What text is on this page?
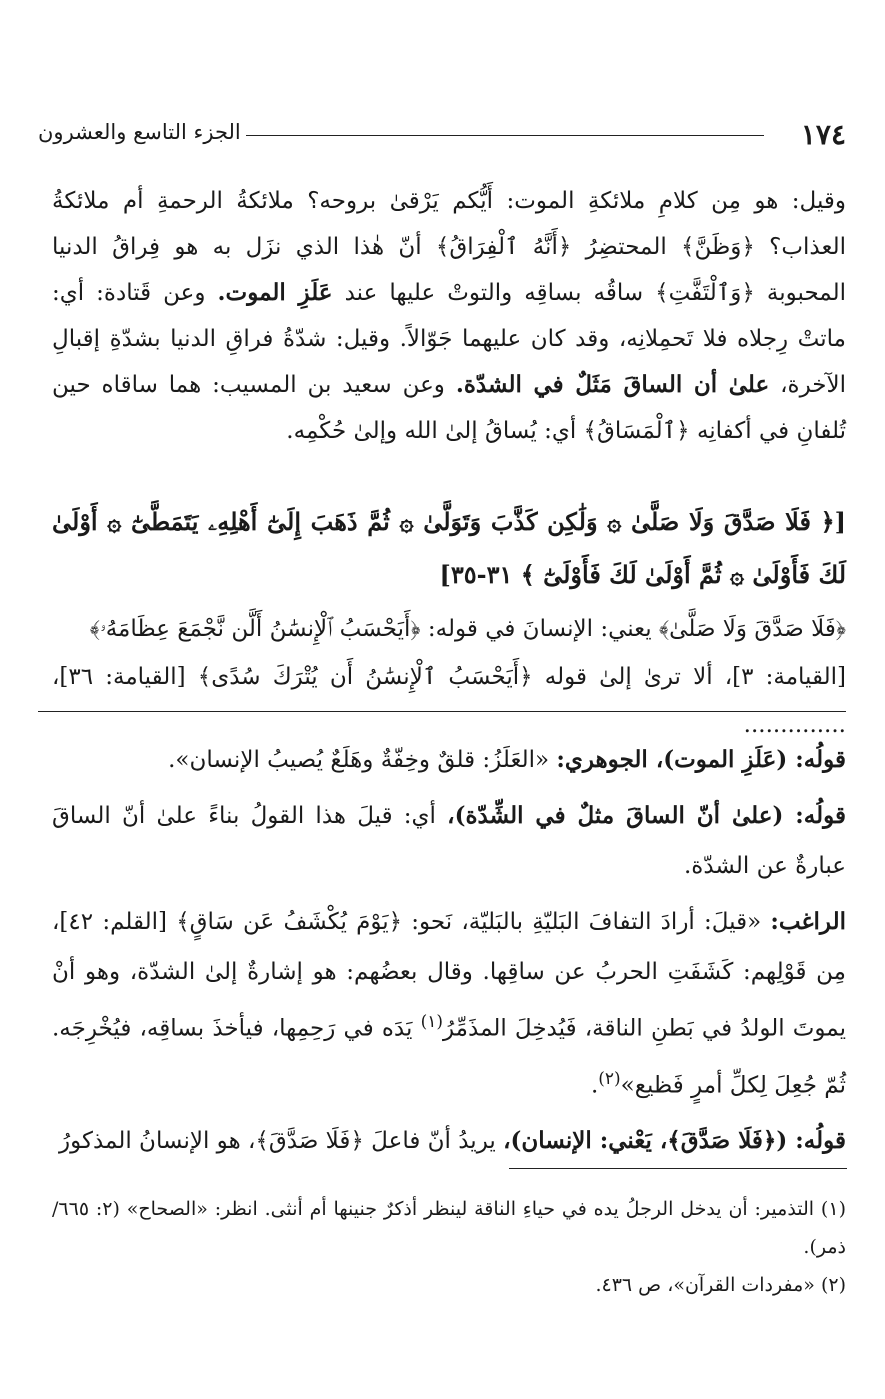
١٧٤
الجزء التاسع والعشرون
وقيل: هو مِن كلامِ ملائكةِ الموت: أَيُّكم يَرْقىٰ بروحه؟ ملائكةُ الرحمةِ أم ملائكةُ العذاب؟ ﴿وَظَنَّ﴾ المحتضِرُ ﴿أَنَّهُ ٱلْفِرَاقُ﴾ أنّ هٰذا الذي نزَل به هو فِراقُ الدنيا المحبوبة ﴿وَٱلْتَفَّتِ﴾ ساقُه بساقِه والتوتْ عليها عند عَلَزِ الموت. وعن قَتادة: أي: ماتتْ رِجلاه فلا تَحمِلانِه، وقد كان عليهما جَوّالاً. وقيل: شدّةُ فراقِ الدنيا بشدّةِ إقبالِ الآخرة، علىٰ أن الساقَ مَثَلٌ في الشدّة. وعن سعيد بن المسيب: هما ساقاه حين تُلفانِ في أكفانِه ﴿ٱلْمَسَاقُ﴾ أي: يُساقُ إلىٰ الله وإلىٰ حُكْمِه.
[﴿ فَلَا صَدَّقَ وَلَا صَلَّىٰ ۞ وَلَٰكِن كَذَّبَ وَتَوَلَّىٰ ۞ ثُمَّ ذَهَبَ إِلَىٰٓ أَهْلِهِۦ يَتَمَطَّىٰٓ ۞ أَوْلَىٰ لَكَ فَأَوْلَىٰ ۞ ثُمَّ أَوْلَىٰ لَكَ فَأَوْلَىٰٓ ﴾ ٣١-٣٥]
﴿فَلَا صَدَّقَ وَلَا صَلَّىٰ﴾ يعني: الإنسانَ في قوله: ﴿أَيَحْسَبُ ٱلْإِنسَٰنُ أَلَّن نَّجْمَعَ عِظَامَهُۥ﴾
[القيامة: ٣]، ألا ترىٰ إلىٰ قوله ﴿أَيَحْسَبُ ٱلْإِنسَٰنُ أَن يُتْرَكَ سُدًى﴾ [القيامة: ٣٦]، ..............

قولُه: (عَلَزِ الموت)، الجوهري: «العَلَزُ: قلقٌ وخِفّةٌ وهَلَعٌ يُصيبُ الإنسان».

قولُه: (علىٰ أنّ الساقَ مثلٌ في الشِّدّة)، أي: قيلَ هذا القولُ بناءً علىٰ أنّ الساقَ عبارةٌ عن الشدّة.

الراغب: «قيلَ: أرادَ التفافَ البَليّةِ بالبَليّة، نَحو: ﴿يَوْمَ يُكْشَفُ عَن سَاقٍ﴾ [القلم: ٤٢]، مِن قَوْلِهم: كَشَفَتِ الحربُ عن ساقِها. وقال بعضُهم: هو إشارةٌ إلىٰ الشدّة، وهو أنْ يموتَ الولدُ في بَطنِ الناقة، فَيُدخِلَ المذَمِّرُ$^{(١)}$ يَدَه في رَحِمِها، فيأخذَ بساقِه، فيُخْرِجَه. ثُمّ جُعِلَ لِكلِّ أمرٍ فَظيع»$^{(٢)}$.

قولُه: (﴿فَلَا صَدَّقَ﴾، يَعْني: الإنسان)، يريدُ أنّ فاعلَ ﴿فَلَا صَدَّقَ﴾، هو الإنسانُ المذكورُ

(١) التذمير: أن يدخل الرجلُ يده في حياءِ الناقة لينظر أذكرٌ جنينها أم أنثى. انظر: «الصحاح» (٢: ٦٦٥/ ذمر).

(٢) «مفردات القرآن»، ص ٤٣٦.
